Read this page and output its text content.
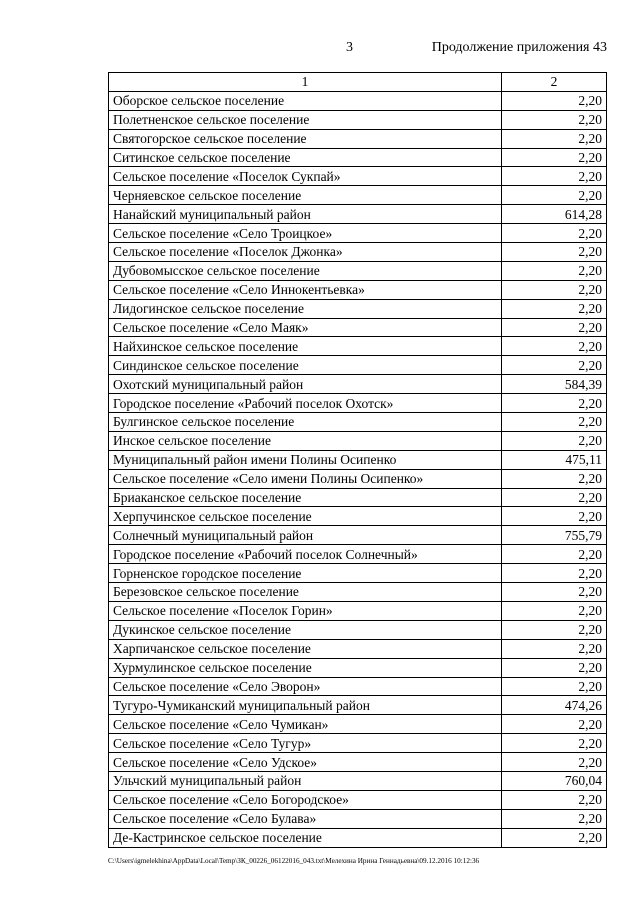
3	Продолжение приложения 43
1	2
Оборское сельское поселение	2,20
Полетненское сельское поселение	2,20
Святогорское сельское поселение	2,20
Ситинское сельское поселение	2,20
Сельское поселение «Поселок Сукпай»	2,20
Черняевское сельское поселение	2,20
Нанайский муниципальный район	614,28
Сельское поселение «Село Троицкое»	2,20
Сельское поселение «Поселок Джонка»	2,20
Дубовомысское сельское поселение	2,20
Сельское поселение «Село Иннокентьевка»	2,20
Лидогинское сельское поселение	2,20
Сельское поселение «Село Маяк»	2,20
Найхинское сельское поселение	2,20
Синдинское сельское поселение	2,20
Охотский муниципальный район	584,39
Городское поселение «Рабочий поселок Охотск»	2,20
Булгинское сельское поселение	2,20
Инское сельское поселение	2,20
Муниципальный район имени Полины Осипенко	475,11
Сельское поселение «Село имени Полины Осипенко»	2,20
Бриаканское сельское поселение	2,20
Херпучинское сельское поселение	2,20
Солнечный муниципальный район	755,79
Городское поселение «Рабочий поселок Солнечный»	2,20
Горненское городское поселение	2,20
Березовское сельское поселение	2,20
Сельское поселение «Поселок Горин»	2,20
Дукинское сельское поселение	2,20
Харпичанское сельское поселение	2,20
Хурмулинское сельское поселение	2,20
Сельское поселение «Село Эворон»	2,20
Тугуро-Чумиканский муниципальный район	474,26
Сельское поселение «Село Чумикан»	2,20
Сельское поселение «Село Тугур»	2,20
Сельское поселение «Село Удское»	2,20
Ульчский муниципальный район	760,04
Сельское поселение «Село Богородское»	2,20
Сельское поселение «Село Булава»	2,20
Де-Кастринское сельское поселение	2,20
C:\Users\igmelekhina\AppData\Local\Temp\ЗК_00226_06122016_043.txt\Мелехина Ирина Геннадьевна\09.12.2016 10:12:36
